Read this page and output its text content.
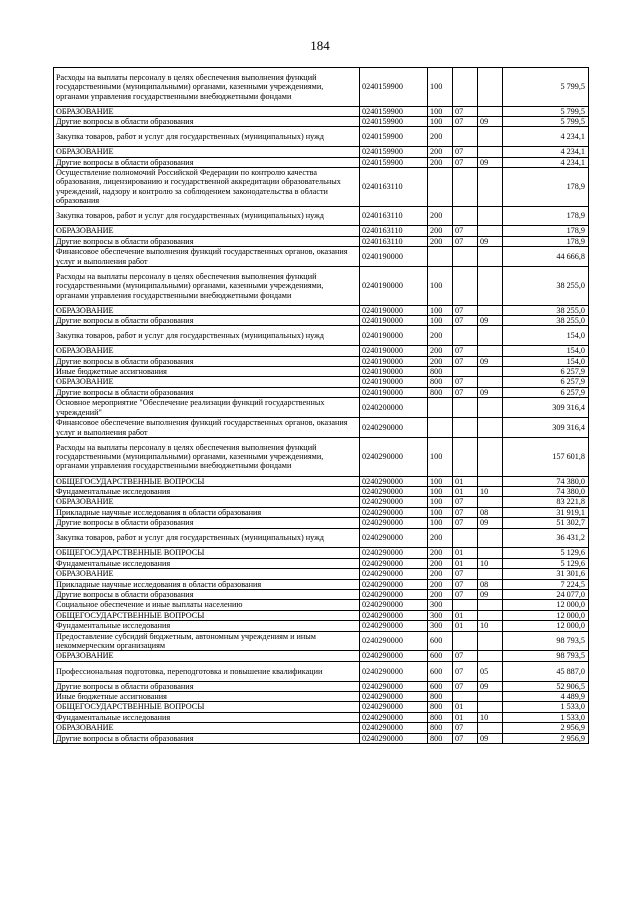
184
Расходы на выплаты персоналу в целях обеспечения выполнения функций государственными (муниципальными) органами, казенными учреждениями, органами управления государственными внебюджетными фондами	0240159900	100			5 799,5
ОБРАЗОВАНИЕ	0240159900	100	07		5 799,5
Другие вопросы в области образования	0240159900	100	07	09	5 799,5
Закупка товаров, работ и услуг для государственных (муниципальных) нужд	0240159900	200			4 234,1
ОБРАЗОВАНИЕ	0240159900	200	07		4 234,1
Другие вопросы в области образования	0240159900	200	07	09	4 234,1
Осуществление полномочий Российской Федерации по контролю качества образования, лицензированию и государственной аккредитации образовательных учреждений, надзору и контролю за соблюдением законодательства в области образования	0240163110				178,9
Закупка товаров, работ и услуг для государственных (муниципальных) нужд	0240163110	200			178,9
ОБРАЗОВАНИЕ	0240163110	200	07		178,9
Другие вопросы в области образования	0240163110	200	07	09	178,9
Финансовое обеспечение выполнения функций государственных органов, оказания услуг и выполнения работ	0240190000				44 666,8
Расходы на выплаты персоналу в целях обеспечения выполнения функций государственными (муниципальными) органами, казенными учреждениями, органами управления государственными внебюджетными фондами	0240190000	100			38 255,0
ОБРАЗОВАНИЕ	0240190000	100	07		38 255,0
Другие вопросы в области образования	0240190000	100	07	09	38 255,0
Закупка товаров, работ и услуг для государственных (муниципальных) нужд	0240190000	200			154,0
ОБРАЗОВАНИЕ	0240190000	200	07		154,0
Другие вопросы в области образования	0240190000	200	07	09	154,0
Иные бюджетные ассигнования	0240190000	800			6 257,9
ОБРАЗОВАНИЕ	0240190000	800	07		6 257,9
Другие вопросы в области образования	0240190000	800	07	09	6 257,9
Основное мероприятие "Обеспечение реализации функций государственных учреждений"	0240200000				309 316,4
Финансовое обеспечение выполнения функций государственных органов, оказания услуг и выполнения работ	0240290000				309 316,4
Расходы на выплаты персоналу в целях обеспечения выполнения функций государственными (муниципальными) органами, казенными учреждениями, органами управления государственными внебюджетными фондами	0240290000	100			157 601,8
ОБЩЕГОСУДАРСТВЕННЫЕ ВОПРОСЫ	0240290000	100	01		74 380,0
Фундаментальные исследования	0240290000	100	01	10	74 380,0
ОБРАЗОВАНИЕ	0240290000	100	07		83 221,8
Прикладные научные исследования в области образования	0240290000	100	07	08	31 919,1
Другие вопросы в области образования	0240290000	100	07	09	51 302,7
Закупка товаров, работ и услуг для государственных (муниципальных) нужд	0240290000	200			36 431,2
ОБЩЕГОСУДАРСТВЕННЫЕ ВОПРОСЫ	0240290000	200	01		5 129,6
Фундаментальные исследования	0240290000	200	01	10	5 129,6
ОБРАЗОВАНИЕ	0240290000	200	07		31 301,6
Прикладные научные исследования в области образования	0240290000	200	07	08	7 224,5
Другие вопросы в области образования	0240290000	200	07	09	24 077,0
Социальное обеспечение и иные выплаты населению	0240290000	300			12 000,0
ОБЩЕГОСУДАРСТВЕННЫЕ ВОПРОСЫ	0240290000	300	01		12 000,0
Фундаментальные исследования	0240290000	300	01	10	12 000,0
Предоставление субсидий бюджетным, автономным учреждениям и иным некоммерческим организациям	0240290000	600			98 793,5
ОБРАЗОВАНИЕ	0240290000	600	07		98 793,5
Профессиональная подготовка, переподготовка и повышение квалификации	0240290000	600	07	05	45 887,0
Другие вопросы в области образования	0240290000	600	07	09	52 906,5
Иные бюджетные ассигнования	0240290000	800			4 489,9
ОБЩЕГОСУДАРСТВЕННЫЕ ВОПРОСЫ	0240290000	800	01		1 533,0
Фундаментальные исследования	0240290000	800	01	10	1 533,0
ОБРАЗОВАНИЕ	0240290000	800	07		2 956,9
Другие вопросы в области образования	0240290000	800	07	09	2 956,9
